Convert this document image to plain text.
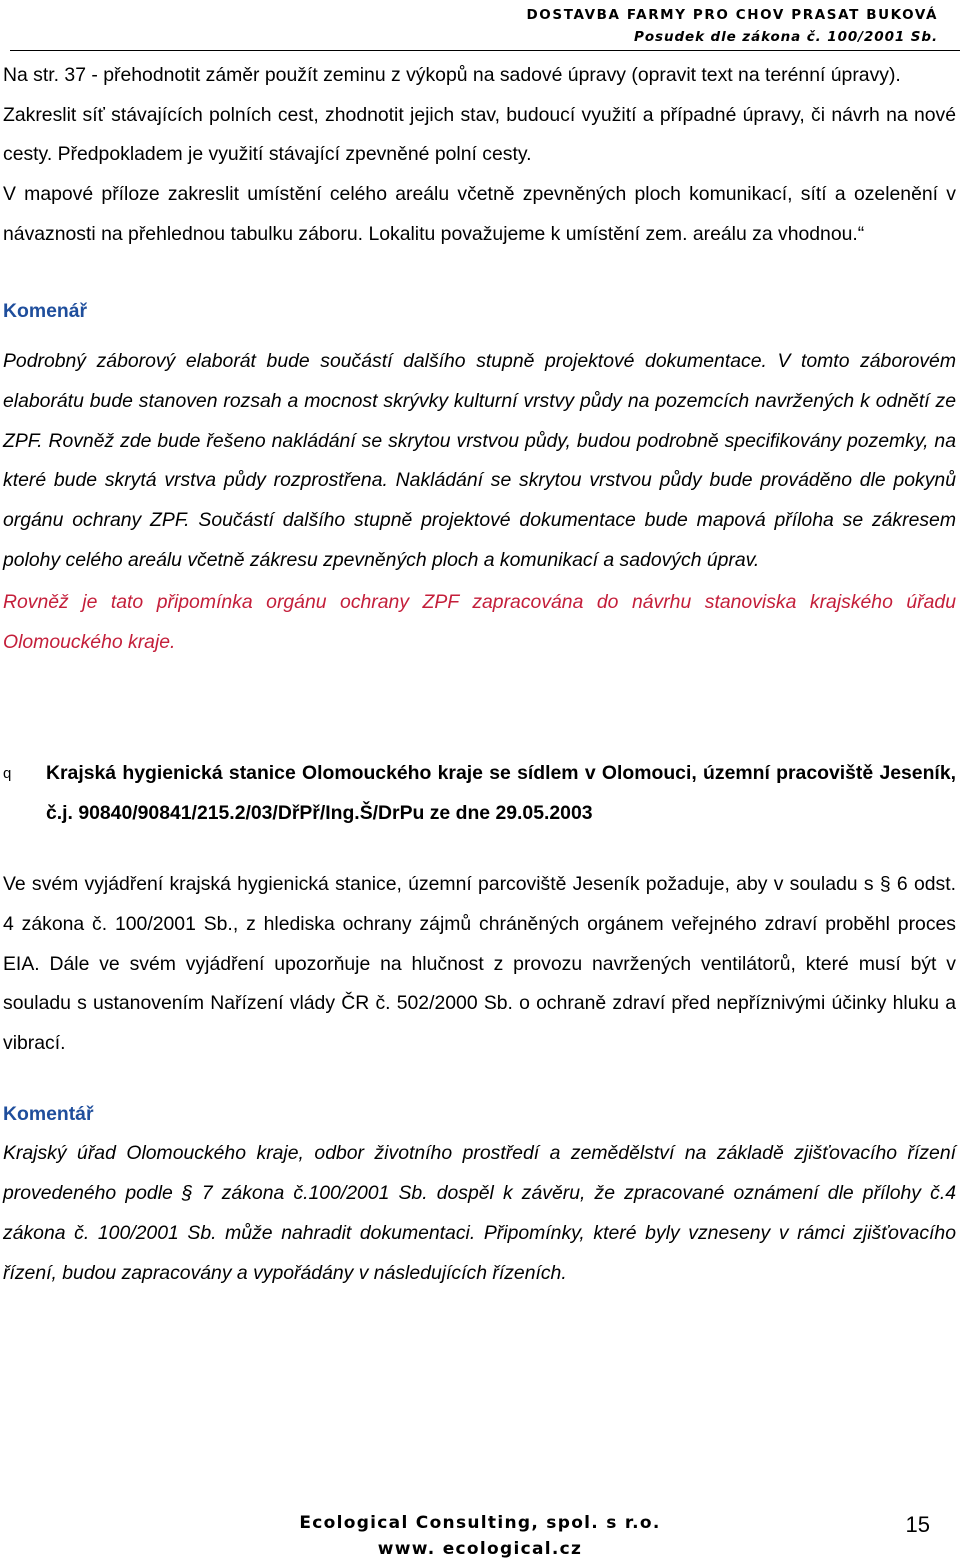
DOSTAVBA FARMY PRO CHOV PRASAT BUKOVÁ
Posudek dle zákona č. 100/2001 Sb.

Na str. 37 - přehodnotit záměr použít zeminu z výkopů na sadové úpravy (opravit text na terénní úpravy).

Zakreslit síť stávajících polních cest, zhodnotit jejich stav, budoucí využití a případné úpravy, či návrh na nové cesty. Předpokladem je využití stávající zpevněné polní cesty.

V mapové příloze zakreslit umístění celého areálu včetně zpevněných ploch komunikací, sítí a ozelenění v návaznosti na přehlednou tabulku záboru. Lokalitu považujeme k umístění zem. areálu za vhodnou.“

Komenář

Podrobný záborový elaborát bude součástí dalšího stupně projektové dokumentace. V tomto záborovém elaborátu bude stanoven rozsah a mocnost skrývky kulturní vrstvy půdy na pozemcích navržených k odnětí ze ZPF. Rovněž zde bude řešeno nakládání se skrytou vrstvou půdy, budou podrobně specifikovány pozemky, na které bude skrytá vrstva půdy rozprostřena. Nakládání se skrytou vrstvou půdy bude prováděno dle pokynů orgánu ochrany ZPF. Součástí dalšího stupně projektové dokumentace bude mapová příloha se zákresem polohy celého areálu včetně zákresu zpevněných ploch a komunikací a sadových úprav.

Rovněž je tato připomínka orgánu ochrany ZPF zapracována do návrhu stanoviska krajského úřadu Olomouckého kraje.

q Krajská hygienická stanice Olomouckého kraje se sídlem v Olomouci, územní pracoviště Jeseník, č.j. 90840/90841/215.2/03/DřPř/Ing.Š/DrPu ze dne 29.05.2003

Ve svém vyjádření krajská hygienická stanice, územní parcoviště Jeseník požaduje, aby v souladu s § 6 odst. 4 zákona č. 100/2001 Sb., z hlediska ochrany zájmů chráněných orgánem veřejného zdraví proběhl proces EIA. Dále ve svém vyjádření upozorňuje na hlučnost z provozu navržených ventilátorů, které musí být v souladu s ustanovením Nařízení vlády ČR č. 502/2000 Sb. o ochraně zdraví před nepříznivými účinky hluku a vibrací.

Komentář

Krajský úřad Olomouckého kraje, odbor životního prostředí a zemědělství na základě zjišťovacího řízení provedeného podle § 7 zákona č.100/2001 Sb. dospěl k závěru, že zpracované oznámení dle přílohy č.4 zákona č. 100/2001 Sb. může nahradit dokumentaci. Připomínky, které byly vzneseny v rámci zjišťovacího řízení, budou zapracovány a vypořádány v následujících řízeních.

Ecological Consulting, spol. s r.o.
www. ecological.cz
15
